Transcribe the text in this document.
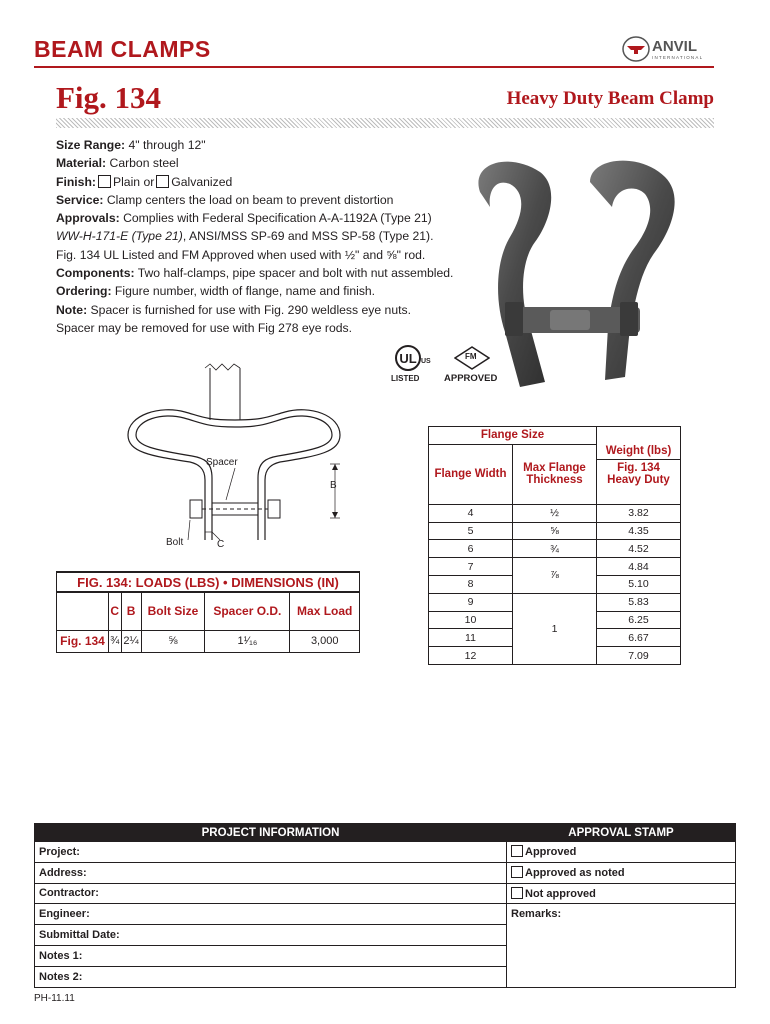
BEAM CLAMPS	ANVIL
INTERNATIONAL
Fig. 134	Heavy Duty Beam Clamp
Size Range: 4" through 12"
Material: Carbon steel
Finish: Plain or Galvanized
Service: Clamp centers the load on beam to prevent distortion
Approvals: Complies with Federal Specification A-A-1192A (Type 21)
WW-H-171-E (Type 21), ANSI/MSS SP-69 and MSS SP-58 (Type 21).
Fig. 134 UL Listed and FM Approved when used with ½" and ⅝" rod.
Components: Two half-clamps, pipe spacer and bolt with nut assembled.
Ordering: Figure number, width of flange, name and finish.
Note: Spacer is furnished for use with Fig. 290 weldless eye nuts.
Spacer may be removed for use with Fig 278 eye rods.
UL US
LISTED
FM
APPROVED
Spacer
B
Bolt	C
FIG. 134: LOADS (LBS) • DIMENSIONS (IN)					
	C	B	Bolt Size	Spacer O.D.	Max Load
Fig. 134	¾	2¼	⅝	1¹⁄₁₆	3,000
Flange Size		Weight (lbs)
Fig. 134 Heavy Duty

Flange Width	Max Flange Thickness	
4	½	3.82
5	⅝	4.35
6	¾	4.52
7	⅞	4.84
8		5.10
9	1	5.83
10		6.25
11		6.67
12		7.09
PROJECT INFORMATION	APPROVAL STAMP
Project:	Approved
Address:	Approved as noted
Contractor:	Not approved
Engineer:	Remarks:
Submittal Date:	
Notes 1:	
Notes 2:	
PH-11.11
